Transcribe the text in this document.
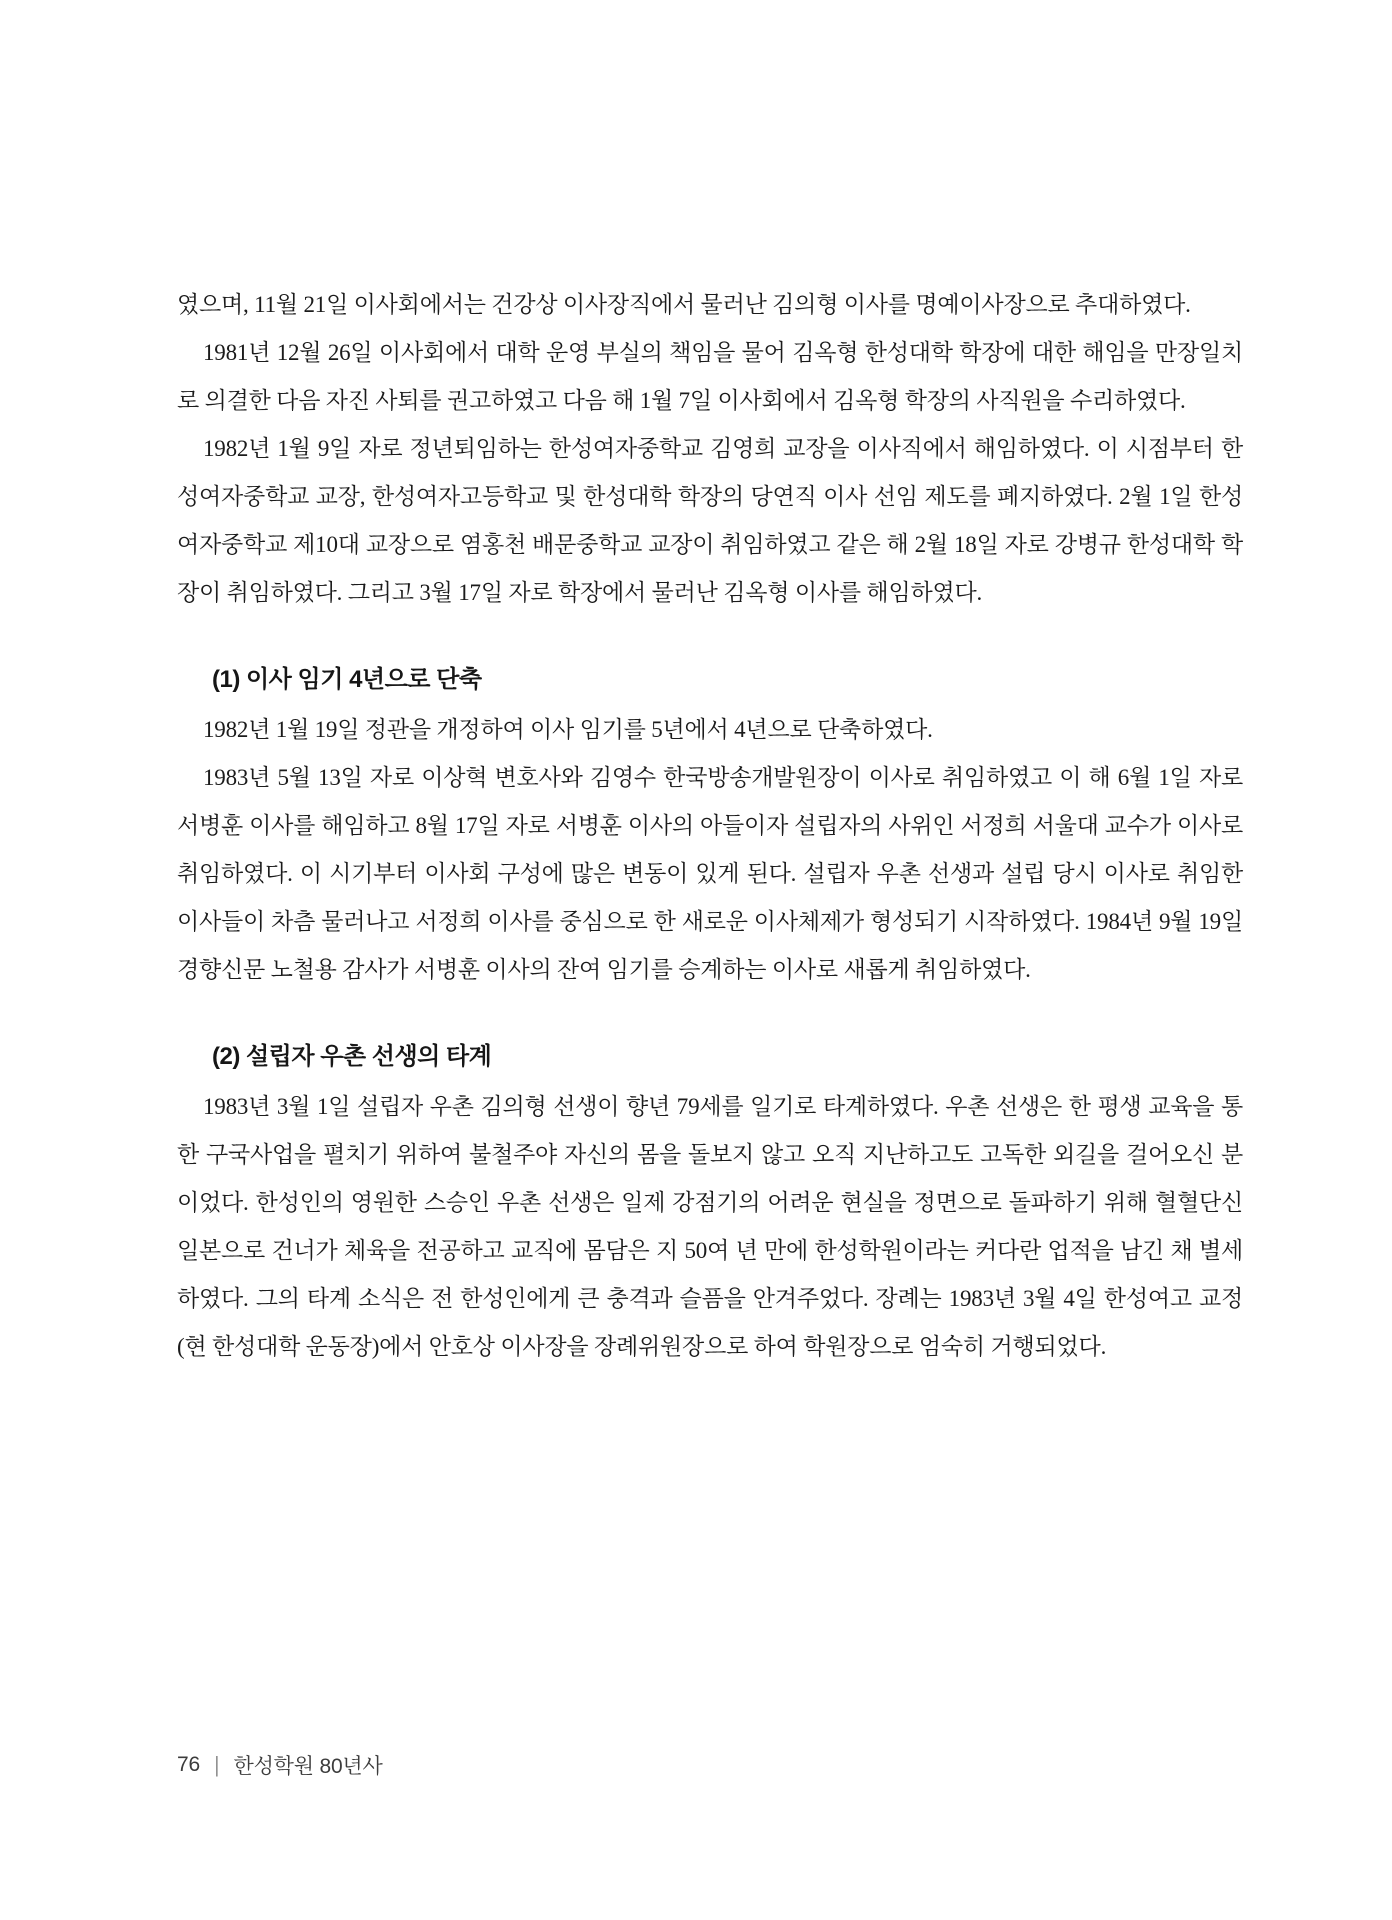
였으며, 11월 21일 이사회에서는 건강상 이사장직에서 물러난 김의형 이사를 명예이사장으로 추대하였다.

1981년 12월 26일 이사회에서 대학 운영 부실의 책임을 물어 김옥형 한성대학 학장에 대한 해임을 만장일치로 의결한 다음 자진 사퇴를 권고하였고 다음 해 1월 7일 이사회에서 김옥형 학장의 사직원을 수리하였다.

1982년 1월 9일 자로 정년퇴임하는 한성여자중학교 김영희 교장을 이사직에서 해임하였다. 이 시점부터 한성여자중학교 교장, 한성여자고등학교 및 한성대학 학장의 당연직 이사 선임 제도를 폐지하였다. 2월 1일 한성여자중학교 제10대 교장으로 염홍천 배문중학교 교장이 취임하였고 같은 해 2월 18일 자로 강병규 한성대학 학장이 취임하였다. 그리고 3월 17일 자로 학장에서 물러난 김옥형 이사를 해임하였다.

(1) 이사 임기 4년으로 단축

1982년 1월 19일 정관을 개정하여 이사 임기를 5년에서 4년으로 단축하였다.

1983년 5월 13일 자로 이상혁 변호사와 김영수 한국방송개발원장이 이사로 취임하였고 이 해 6월 1일 자로 서병훈 이사를 해임하고 8월 17일 자로 서병훈 이사의 아들이자 설립자의 사위인 서정희 서울대 교수가 이사로 취임하였다. 이 시기부터 이사회 구성에 많은 변동이 있게 된다. 설립자 우촌 선생과 설립 당시 이사로 취임한 이사들이 차츰 물러나고 서정희 이사를 중심으로 한 새로운 이사체제가 형성되기 시작하였다. 1984년 9월 19일 경향신문 노철용 감사가 서병훈 이사의 잔여 임기를 승계하는 이사로 새롭게 취임하였다.

(2) 설립자 우촌 선생의 타계

1983년 3월 1일 설립자 우촌 김의형 선생이 향년 79세를 일기로 타계하였다. 우촌 선생은 한 평생 교육을 통한 구국사업을 펼치기 위하여 불철주야 자신의 몸을 돌보지 않고 오직 지난하고도 고독한 외길을 걸어오신 분이었다. 한성인의 영원한 스승인 우촌 선생은 일제 강점기의 어려운 현실을 정면으로 돌파하기 위해 혈혈단신 일본으로 건너가 체육을 전공하고 교직에 몸담은 지 50여 년 만에 한성학원이라는 커다란 업적을 남긴 채 별세하였다. 그의 타계 소식은 전 한성인에게 큰 충격과 슬픔을 안겨주었다. 장례는 1983년 3월 4일 한성여고 교정(현 한성대학 운동장)에서 안호상 이사장을 장례위원장으로 하여 학원장으로 엄숙히 거행되었다.

76 | 한성학원 80년사
